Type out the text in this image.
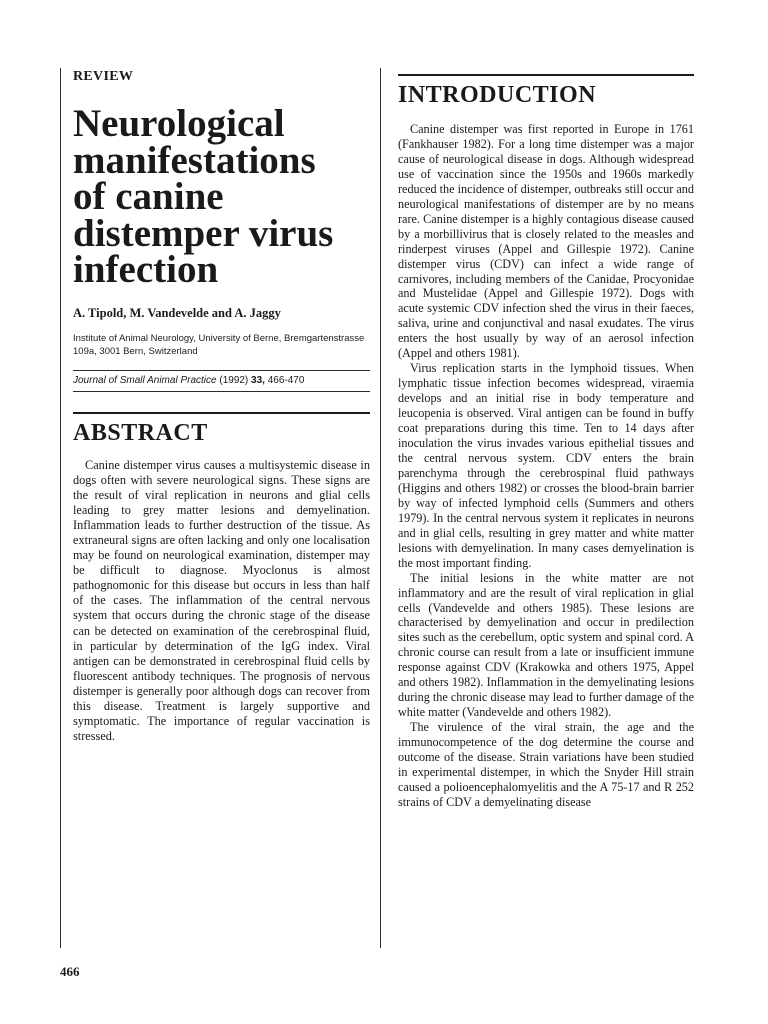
REVIEW
Neurological
manifestations
of canine
distemper virus
infection
A. Tipold, M. Vandevelde and A. Jaggy
Institute of Animal Neurology, University of Berne, Bremgartenstrasse 109a, 3001 Bern, Switzerland
Journal of Small Animal Practice (1992) 33, 466-470
ABSTRACT

Canine distemper virus causes a multisystemic disease in dogs often with severe neurological signs. These signs are the result of viral replication in neurons and glial cells leading to grey matter lesions and demyelination. Inflammation leads to further destruction of the tissue. As extraneural signs are often lacking and only one localisation may be found on neurological examination, distemper may be difficult to diagnose. Myoclonus is almost pathognomonic for this disease but occurs in less than half of the cases. The inflammation of the central nervous system that occurs during the chronic stage of the disease can be detected on examination of the cerebrospinal fluid, in particular by determination of the IgG index. Viral antigen can be demonstrated in cerebrospinal fluid cells by fluorescent antibody techniques. The prognosis of nervous distemper is generally poor although dogs can recover from this disease. Treatment is largely supportive and symptomatic. The importance of regular vaccination is stressed.

INTRODUCTION

Canine distemper was first reported in Europe in 1761 (Fankhauser 1982). For a long time distemper was a major cause of neurological disease in dogs. Although widespread use of vaccination since the 1950s and 1960s markedly reduced the incidence of distemper, outbreaks still occur and neurological manifestations of distemper are by no means rare. Canine distemper is a highly contagious disease caused by a morbillivirus that is closely related to the measles and rinderpest viruses (Appel and Gillespie 1972). Canine distemper virus (CDV) can infect a wide range of carnivores, including members of the Canidae, Procyonidae and Mustelidae (Appel and Gillespie 1972). Dogs with acute systemic CDV infection shed the virus in their faeces, saliva, urine and conjunctival and nasal exudates. The virus enters the host usually by way of an aerosol infection (Appel and others 1981).

Virus replication starts in the lymphoid tissues. When lymphatic tissue infection becomes widespread, viraemia develops and an initial rise in body temperature and leucopenia is observed. Viral antigen can be found in buffy coat preparations during this time. Ten to 14 days after inoculation the virus invades various epithelial tissues and the central nervous system. CDV enters the brain parenchyma through the cerebrospinal fluid pathways (Higgins and others 1982) or crosses the blood-brain barrier by way of infected lymphoid cells (Summers and others 1979). In the central nervous system it replicates in neurons and in glial cells, resulting in grey matter and white matter lesions with demyelination. In many cases demyelination is the most important finding.

The initial lesions in the white matter are not inflammatory and are the result of viral replication in glial cells (Vandevelde and others 1985). These lesions are characterised by demyelination and occur in predilection sites such as the cerebellum, optic system and spinal cord. A chronic course can result from a late or insufficient immune response against CDV (Krakowka and others 1975, Appel and others 1982). Inflammation in the demyelinating lesions during the chronic disease may lead to further damage of the white matter (Vandevelde and others 1982).

The virulence of the viral strain, the age and the immunocompetence of the dog determine the course and outcome of the disease. Strain variations have been studied in experimental distemper, in which the Snyder Hill strain caused a polioencephalomyelitis and the A 75-17 and R 252 strains of CDV a demyelinating disease

466
